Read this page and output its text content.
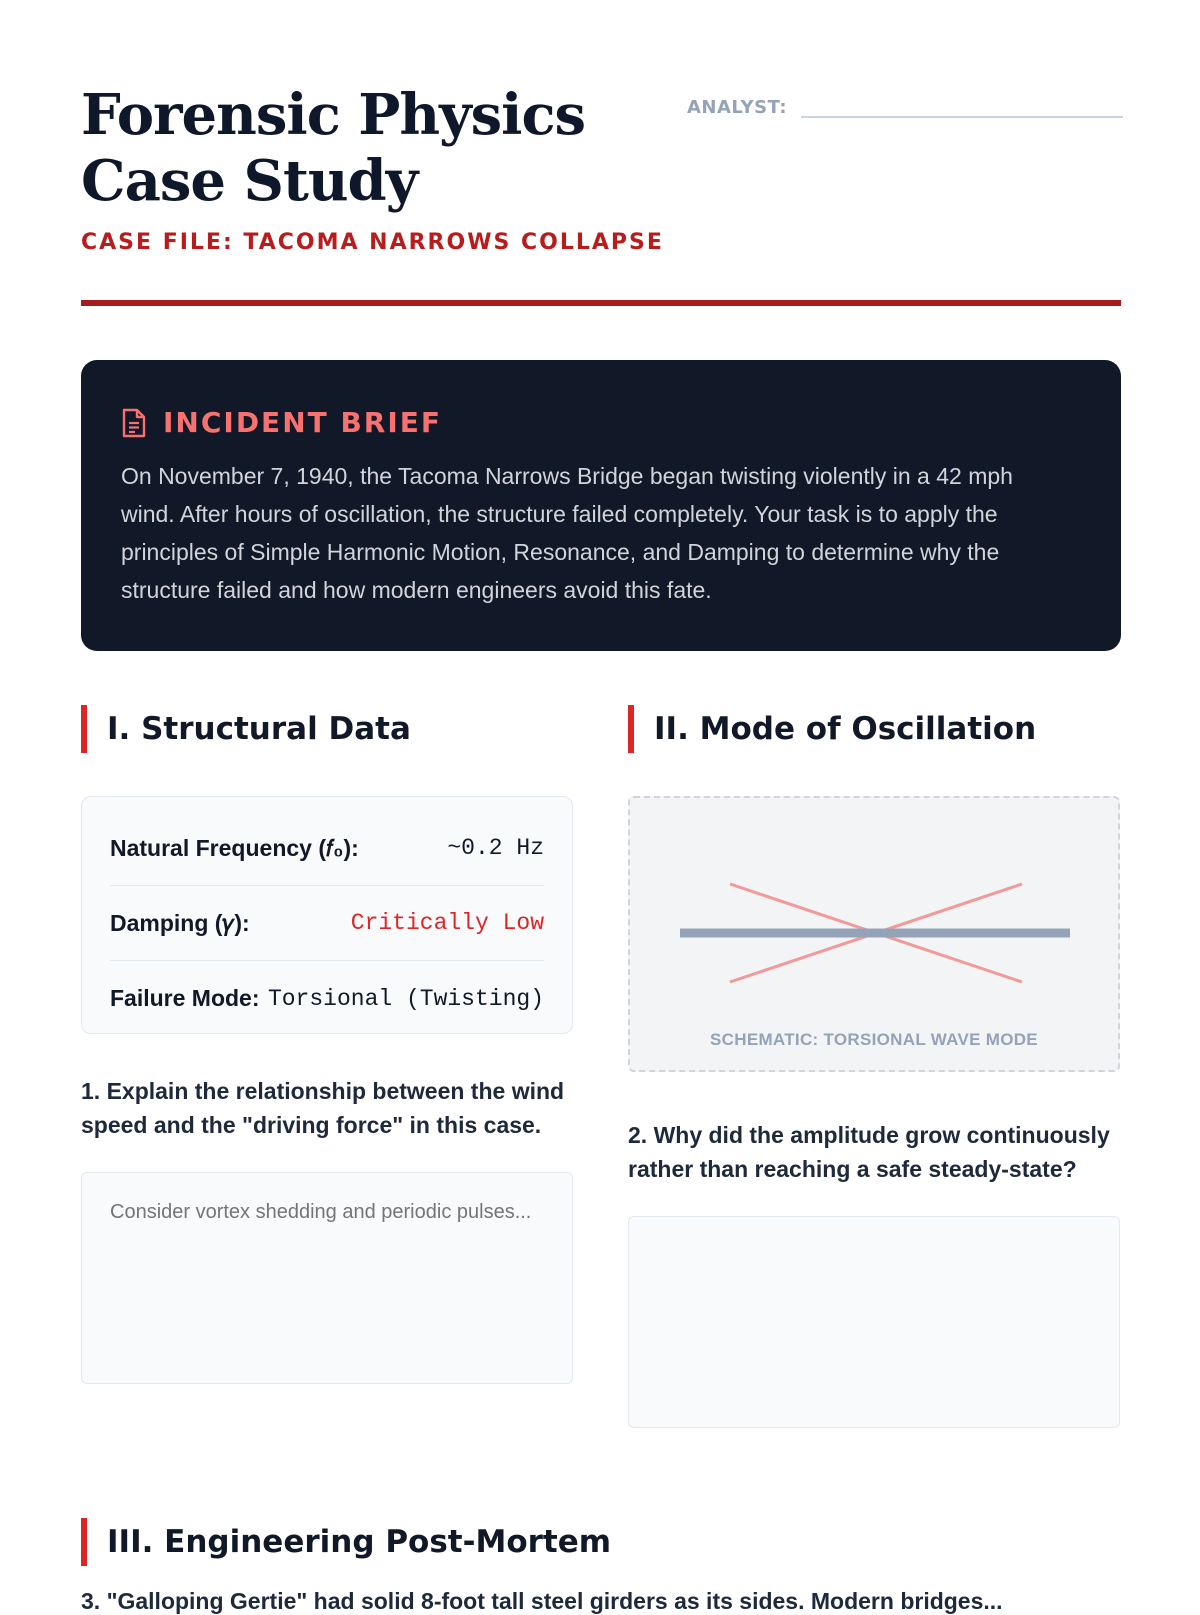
Forensic Physics
Case Study
CASE FILE: TACOMA NARROWS COLLAPSE
ANALYST:
INCIDENT BRIEF

On November 7, 1940, the Tacoma Narrows Bridge began twisting violently in a 42 mph wind. After hours of oscillation, the structure failed completely. Your task is to apply the principles of Simple Harmonic Motion, Resonance, and Damping to determine why the structure failed and how modern engineers avoid this fate.

I. Structural Data
Natural Frequency (𝑓₀):	~0.2 Hz
Damping (𝛾):	Critically Low
Failure Mode: Torsional (Twisting)

1. Explain the relationship between the wind speed and the "driving force" in this case.

Consider vortex shedding and periodic pulses...
II. Mode of Oscillation
SCHEMATIC: TORSIONAL WAVE MODE

2. Why did the amplitude grow continuously rather than reaching a safe steady-state?

III. Engineering Post-Mortem

3. "Galloping Gertie" had solid 8-foot tall steel girders as its sides. Modern bridges...
